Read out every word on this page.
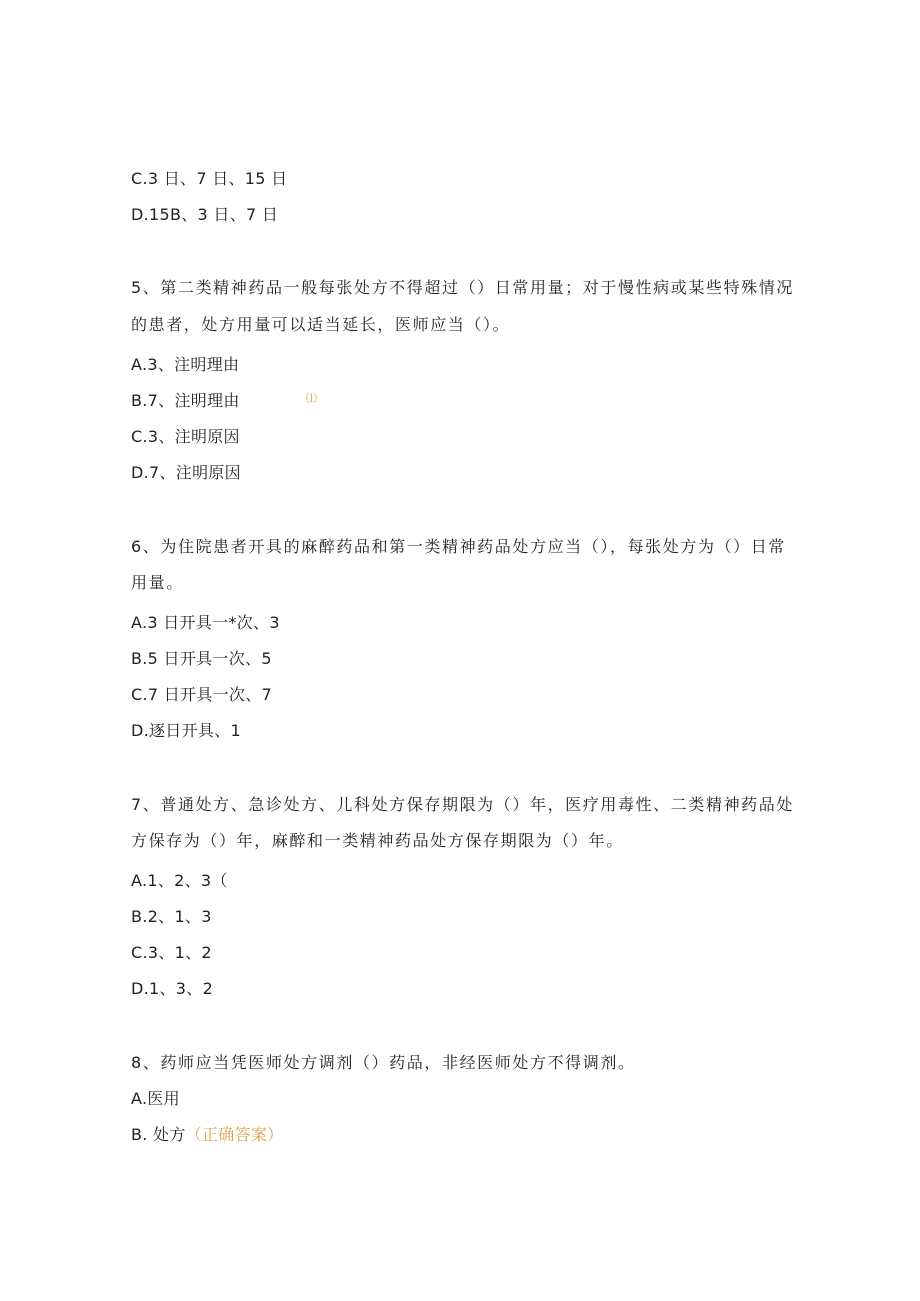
C.3 日、7 日、15 日
D.15B、3 日、7 日
5、第二类精神药品一般每张处方不得超过（）日常用量；对于慢性病或某些特殊情况
的患者，处方用量可以适当延长，医师应当（）。
A.3、注明理由
B.7、注明理由	⑴
C.3、注明原因
D.7、注明原因
6、为住院患者开具的麻醉药品和第一类精神药品处方应当（），每张处方为（）日常
用量。
A.3 日开具一*次、3
B.5 日开具一次、5
C.7 日开具一次、7
D.逐日开具、1
7、普通处方、急诊处方、儿科处方保存期限为（）年，医疗用毒性、二类精神药品处
方保存为（）年，麻醉和一类精神药品处方保存期限为（）年。
A.1、2、3（
B.2、1、3
C.3、1、2
D.1、3、2
8、药师应当凭医师处方调剂（）药品，非经医师处方不得调剂。
A.医用
B. 处方（正确答案）
